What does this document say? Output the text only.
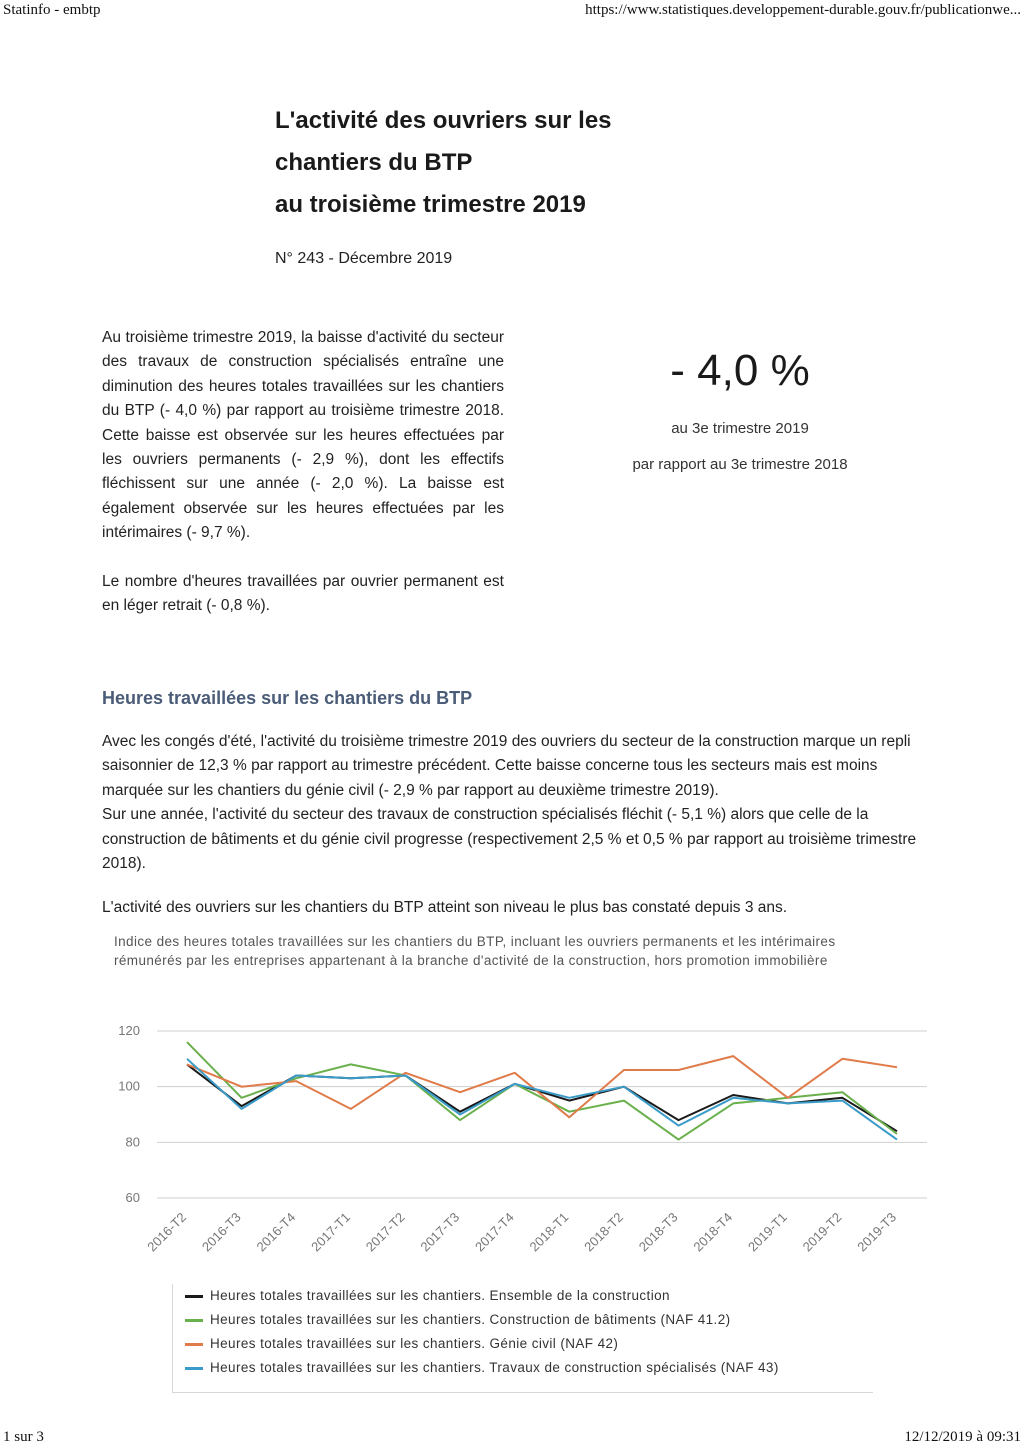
Statinfo - embtp	https://www.statistiques.developpement-durable.gouv.fr/publicationwe...
L'activité des ouvriers sur les
chantiers du BTP
au troisième trimestre 2019
N° 243 - Décembre 2019

Au troisième trimestre 2019, la baisse d'activité du secteur des travaux de construction spécialisés entraîne une diminution des heures totales travaillées sur les chantiers du BTP (- 4,0 %) par rapport au troisième trimestre 2018. Cette baisse est observée sur les heures effectuées par les ouvriers permanents (- 2,9 %), dont les effectifs fléchissent sur une année (- 2,0 %). La baisse est également observée sur les heures effectuées par les intérimaires (- 9,7 %).

Le nombre d'heures travaillées par ouvrier permanent est en léger retrait (- 0,8 %).

- 4,0 %
au 3e trimestre 2019
par rapport au 3e trimestre 2018
Heures travaillées sur les chantiers du BTP

Avec les congés d'été, l'activité du troisième trimestre 2019 des ouvriers du secteur de la construction marque un repli saisonnier de 12,3 % par rapport au trimestre précédent. Cette baisse concerne tous les secteurs mais est moins marquée sur les chantiers du génie civil (- 2,9 % par rapport au deuxième trimestre 2019).

Sur une année, l'activité du secteur des travaux de construction spécialisés fléchit (- 5,1 %) alors que celle de la construction de bâtiments et du génie civil progresse (respectivement 2,5 % et 0,5 % par rapport au troisième trimestre 2018).

L'activité des ouvriers sur les chantiers du BTP atteint son niveau le plus bas constaté depuis 3 ans.
Indice des heures totales travaillées sur les chantiers du BTP, incluant les ouvriers permanents et les intérimaires rémunérés par les entreprises appartenant à la branche d'activité de la construction, hors promotion immobilière
60
80
100
120
2016-T2 2016-T3 2016-T4 2017-T1 2017-T2 2017-T3 2017-T4 2018-T1 2018-T2 2018-T3 2018-T4 2019-T1 2019-T2 2019-T3
Heures totales travaillées sur les chantiers. Ensemble de la construction
Heures totales travaillées sur les chantiers. Construction de bâtiments (NAF 41.2)
Heures totales travaillées sur les chantiers. Génie civil (NAF 42)
Heures totales travaillées sur les chantiers. Travaux de construction spécialisés (NAF 43)
1 sur 3	12/12/2019 à 09:31
